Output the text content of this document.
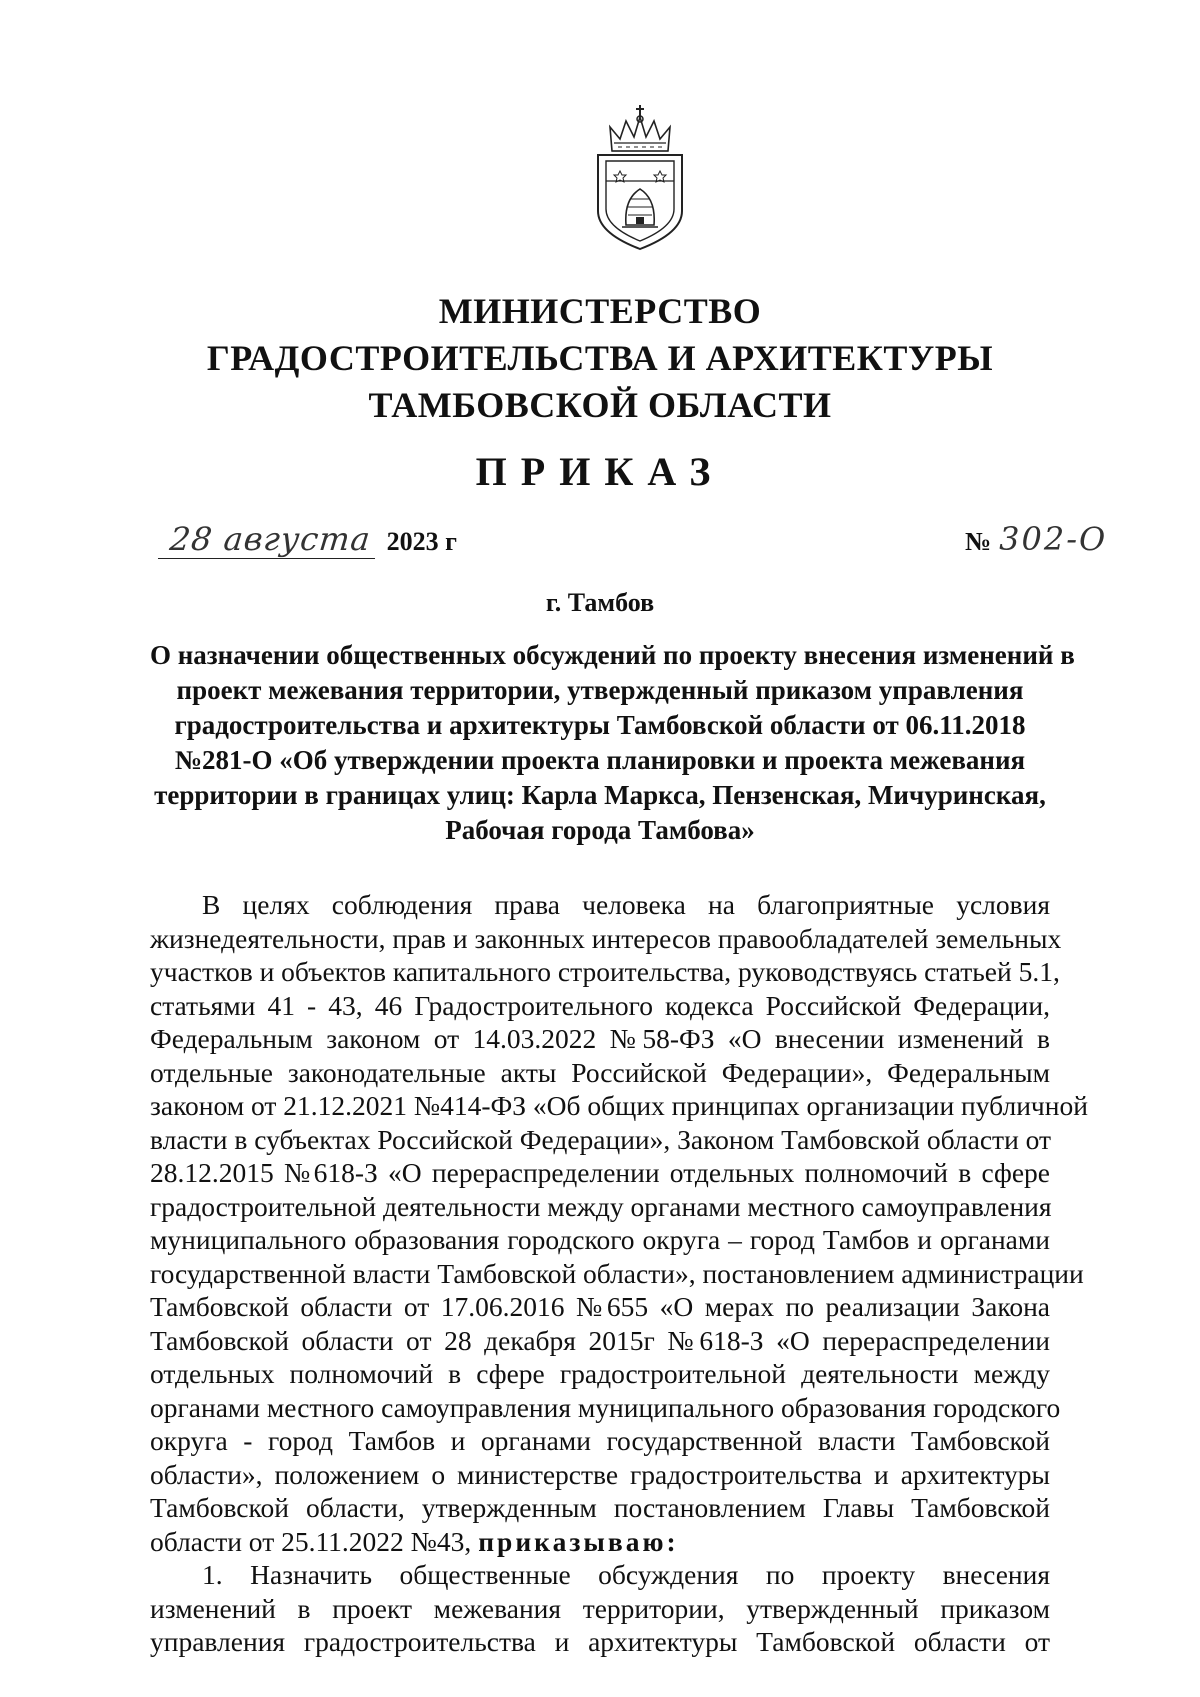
МИНИСТЕРСТВО
ГРАДОСТРОИТЕЛЬСТВА И АРХИТЕКТУРЫ
ТАМБОВСКОЙ ОБЛАСТИ
ПРИКАЗ
28 августа 2023 г	№ 302-О
г. Тамбов
О назначении общественных обсуждений по проекту внесения изменений в
проект межевания территории, утвержденный приказом управления
градостроительства и архитектуры Тамбовской области от 06.11.2018
№281-О «Об утверждении проекта планировки и проекта межевания
территории в границах улиц: Карла Маркса, Пензенская, Мичуринская,
Рабочая города Тамбова»
В целях соблюдения права человека на благоприятные условия
жизнедеятельности, прав и законных интересов правообладателей земельных
участков и объектов капитального строительства, руководствуясь статьей 5.1,
статьями 41 - 43, 46 Градостроительного кодекса Российской Федерации,
Федеральным законом от 14.03.2022 №58-ФЗ «О внесении изменений в
отдельные законодательные акты Российской Федерации», Федеральным
законом от 21.12.2021 №414-ФЗ «Об общих принципах организации публичной
власти в субъектах Российской Федерации», Законом Тамбовской области от
28.12.2015 №618-З «О перераспределении отдельных полномочий в сфере
градостроительной деятельности между органами местного самоуправления
муниципального образования городского округа – город Тамбов и органами
государственной власти Тамбовской области», постановлением администрации
Тамбовской области от 17.06.2016 №655 «О мерах по реализации Закона
Тамбовской области от 28 декабря 2015г №618-З «О перераспределении
отдельных полномочий в сфере градостроительной деятельности между
органами местного самоуправления муниципального образования городского
округа - город Тамбов и органами государственной власти Тамбовской
области», положением о министерстве градостроительства и архитектуры
Тамбовской области, утвержденным постановлением Главы Тамбовской
области от 25.11.2022 №43, приказываю:
1. Назначить общественные обсуждения по проекту внесения
изменений в проект межевания территории, утвержденный приказом
управления градостроительства и архитектуры Тамбовской области от
